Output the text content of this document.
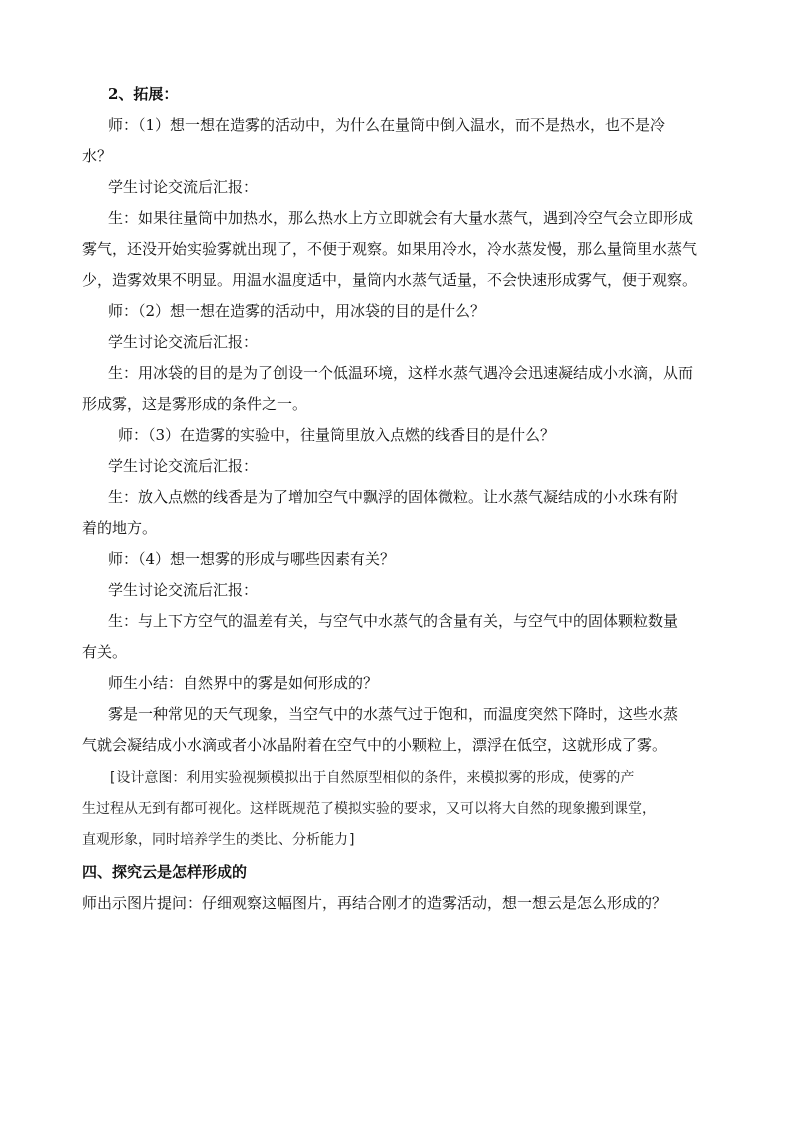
2、拓展：
师：（1）想一想在造雾的活动中，为什么在量筒中倒入温水，而不是热水，也不是冷
水？
学生讨论交流后汇报：
生：如果往量筒中加热水，那么热水上方立即就会有大量水蒸气，遇到冷空气会立即形成
雾气，还没开始实验雾就出现了，不便于观察。如果用冷水，冷水蒸发慢，那么量筒里水蒸气
少，造雾效果不明显。用温水温度适中，量筒内水蒸气适量，不会快速形成雾气，便于观察。
师：（2）想一想在造雾的活动中，用冰袋的目的是什么？
学生讨论交流后汇报：
生：用冰袋的目的是为了创设一个低温环境，这样水蒸气遇冷会迅速凝结成小水滴，从而
形成雾，这是雾形成的条件之一。
师：（3）在造雾的实验中，往量筒里放入点燃的线香目的是什么？
学生讨论交流后汇报：
生：放入点燃的线香是为了增加空气中飘浮的固体微粒。让水蒸气凝结成的小水珠有附
着的地方。
师：（4）想一想雾的形成与哪些因素有关？
学生讨论交流后汇报：
生：与上下方空气的温差有关，与空气中水蒸气的含量有关，与空气中的固体颗粒数量
有关。
师生小结：自然界中的雾是如何形成的？
雾是一种常见的天气现象，当空气中的水蒸气过于饱和，而温度突然下降时，这些水蒸
气就会凝结成小水滴或者小冰晶附着在空气中的小颗粒上，漂浮在低空，这就形成了雾。
[设计意图：利用实验视频模拟出于自然原型相似的条件，来模拟雾的形成，使雾的产
生过程从无到有都可视化。这样既规范了模拟实验的要求，又可以将大自然的现象搬到课堂，
直观形象，同时培养学生的类比、分析能力]
四、探究云是怎样形成的
师出示图片提问：仔细观察这幅图片，再结合刚才的造雾活动，想一想云是怎么形成的？
